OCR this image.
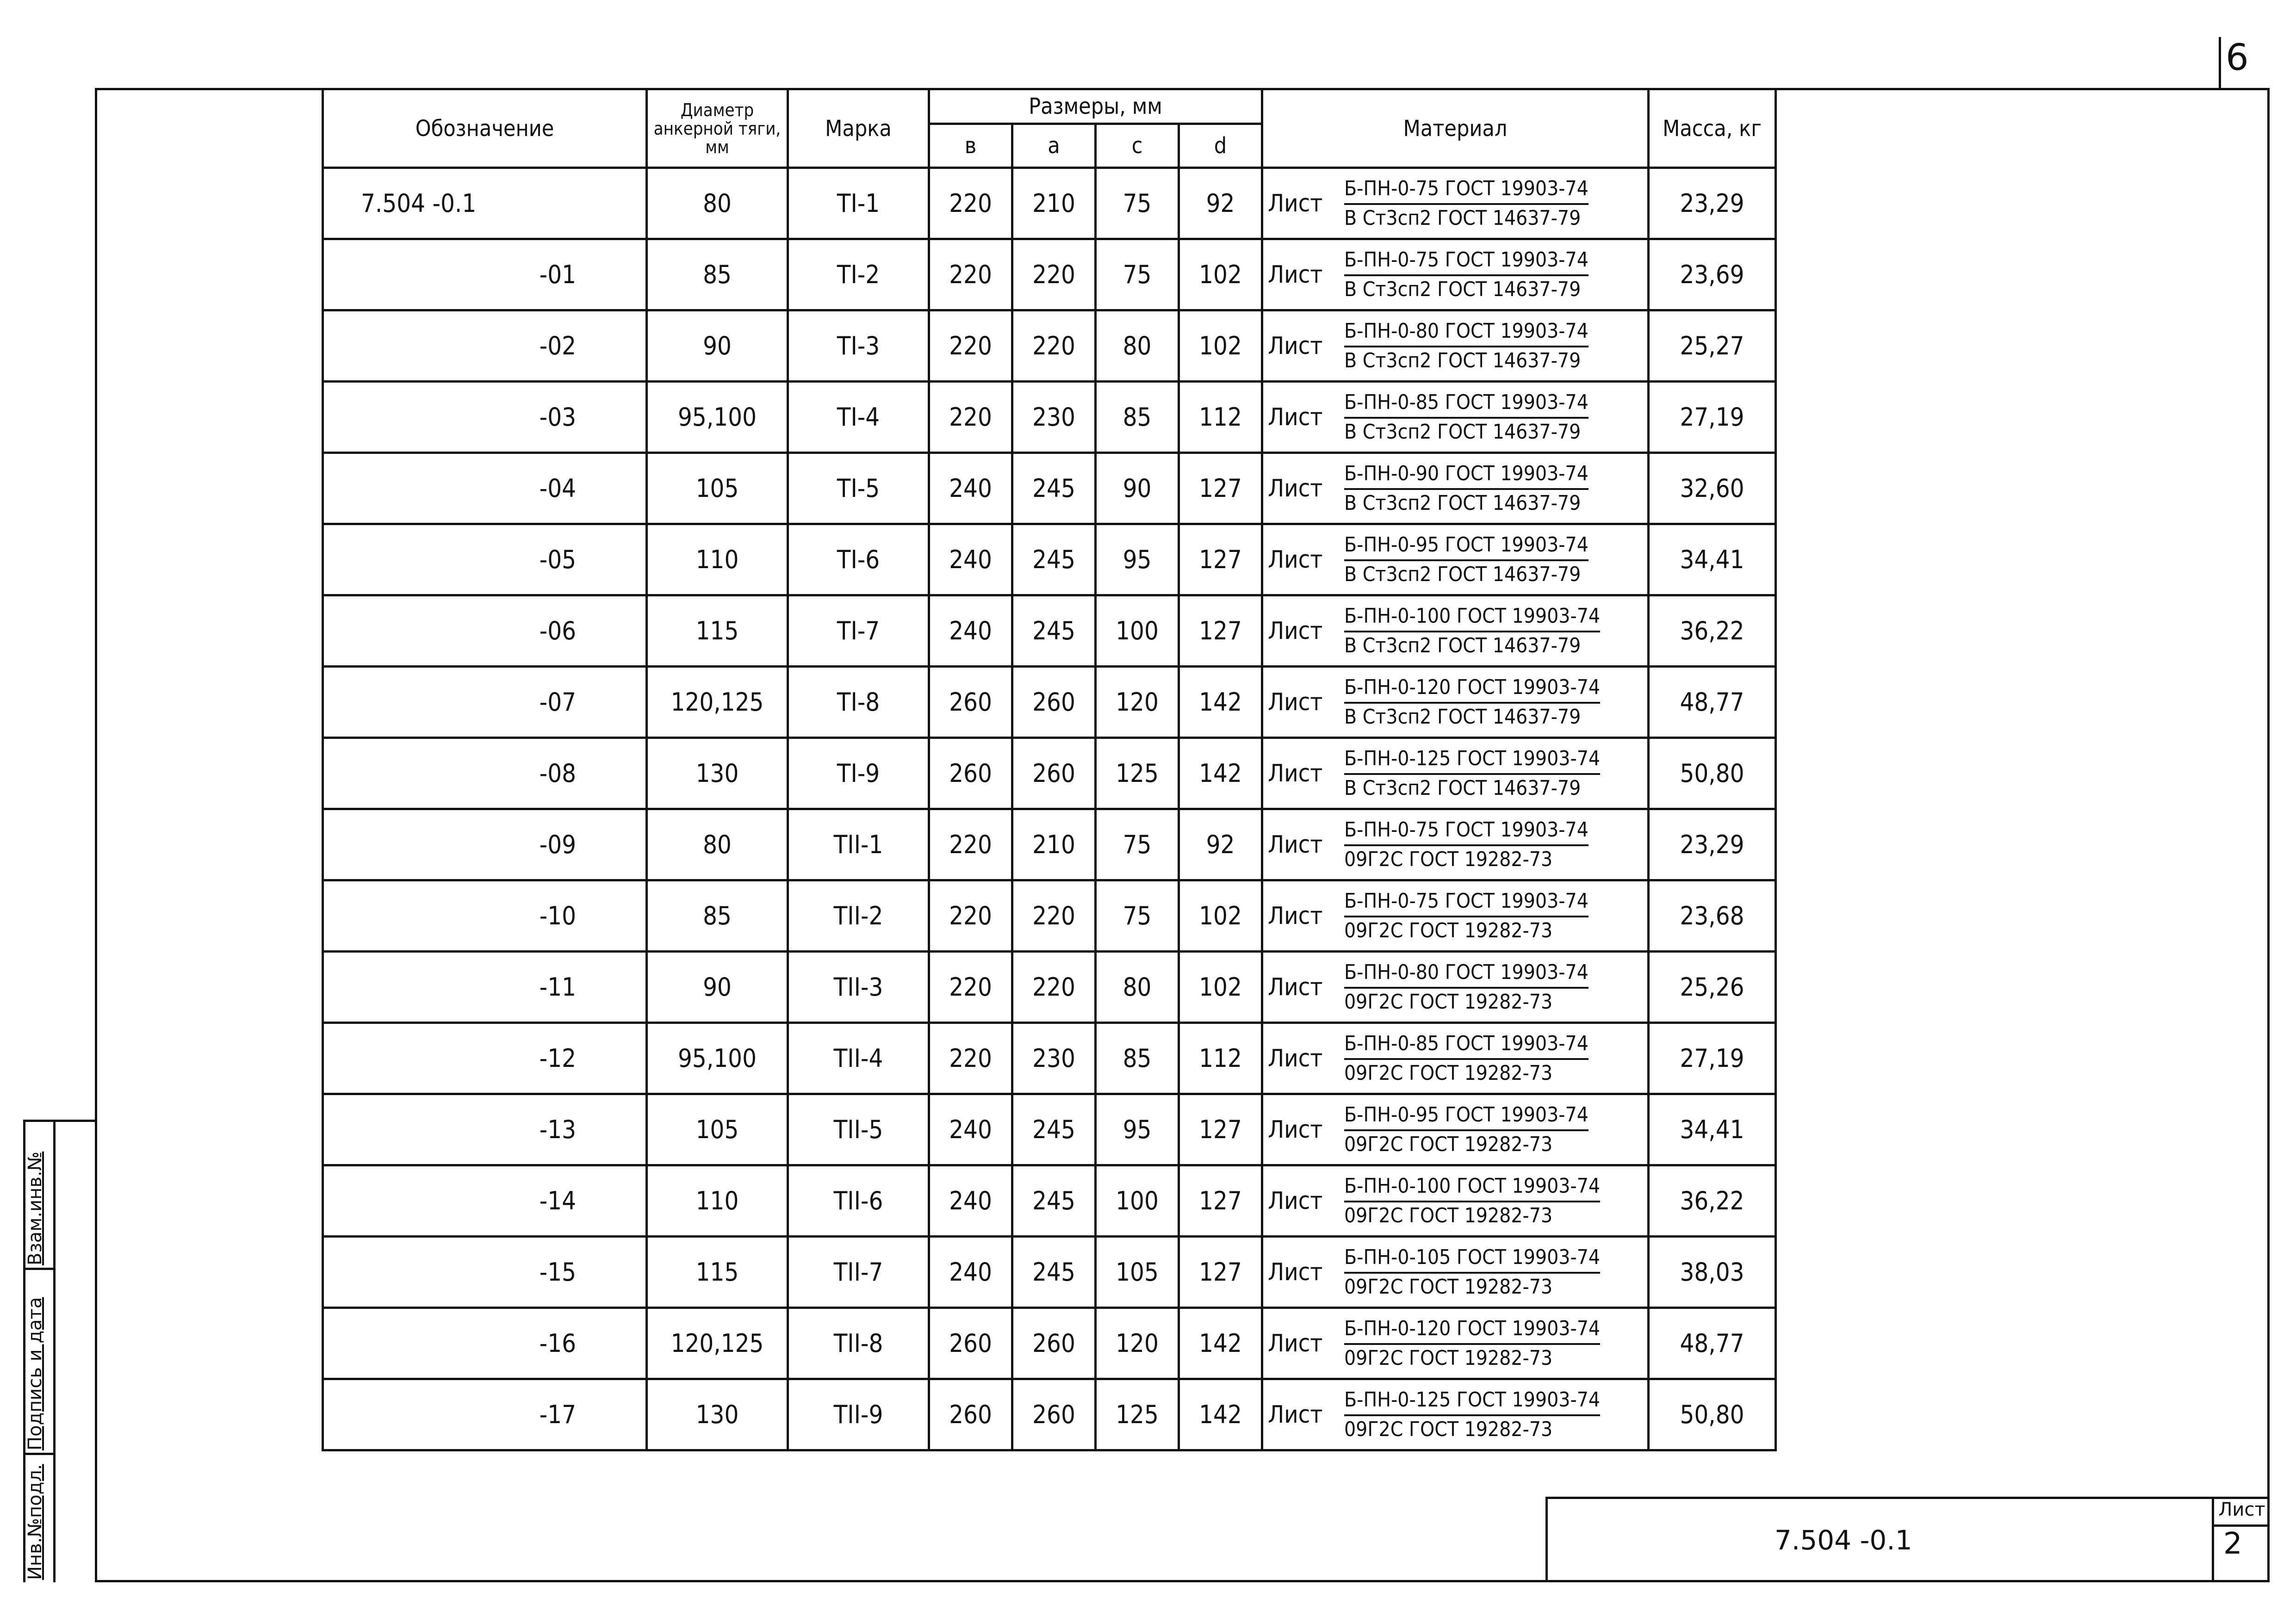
6
Взам.инв.№
Подпись и дата
Инв.№подл.
Обозначение	Диаметр анкерной тяги, мм	Марка	Размеры, мм				Материал	Масса, кг
			в	a	c	d		
7.504 -0.1	80	ТI-1	220	210	75	92	Лист $\frac{\text{Б-ПН-0-75 ГОСТ 19903-74}}{\text{В Ст3сп2 ГОСТ 14637-79}}$	23,29
-01	85	ТI-2	220	220	75	102	Лист $\frac{\text{Б-ПН-0-75 ГОСТ 19903-74}}{\text{В Ст3сп2 ГОСТ 14637-79}}$	23,69
-02	90	ТI-3	220	220	80	102	Лист $\frac{\text{Б-ПН-0-80 ГОСТ 19903-74}}{\text{В Ст3сп2 ГОСТ 14637-79}}$	25,27
-03	95,100	ТI-4	220	230	85	112	Лист $\frac{\text{Б-ПН-0-85 ГОСТ 19903-74}}{\text{В Ст3сп2 ГОСТ 14637-79}}$	27,19
-04	105	ТI-5	240	245	90	127	Лист $\frac{\text{Б-ПН-0-90 ГОСТ 19903-74}}{\text{В Ст3сп2 ГОСТ 14637-79}}$	32,60
-05	110	ТI-6	240	245	95	127	Лист $\frac{\text{Б-ПН-0-95 ГОСТ 19903-74}}{\text{В Ст3сп2 ГОСТ 14637-79}}$	34,41
-06	115	ТI-7	240	245	100	127	Лист $\frac{\text{Б-ПН-0-100 ГОСТ 19903-74}}{\text{В Ст3сп2 ГОСТ 14637-79}}$	36,22
-07	120,125	ТI-8	260	260	120	142	Лист $\frac{\text{Б-ПН-0-120 ГОСТ 19903-74}}{\text{В Ст3сп2 ГОСТ 14637-79}}$	48,77
-08	130	ТI-9	260	260	125	142	Лист $\frac{\text{Б-ПН-0-125 ГОСТ 19903-74}}{\text{В Ст3сп2 ГОСТ 14637-79}}$	50,80
-09	80	ТII-1	220	210	75	92	Лист $\frac{\text{Б-ПН-0-75 ГОСТ 19903-74}}{\text{09Г2С ГОСТ 19282-73}}$	23,29
-10	85	ТII-2	220	220	75	102	Лист $\frac{\text{Б-ПН-0-75 ГОСТ 19903-74}}{\text{09Г2С ГОСТ 19282-73}}$	23,68
-11	90	ТII-3	220	220	80	102	Лист $\frac{\text{Б-ПН-0-80 ГОСТ 19903-74}}{\text{09Г2С ГОСТ 19282-73}}$	25,26
-12	95,100	ТII-4	220	230	85	112	Лист $\frac{\text{Б-ПН-0-85 ГОСТ 19903-74}}{\text{09Г2С ГОСТ 19282-73}}$	27,19
-13	105	ТII-5	240	245	95	127	Лист $\frac{\text{Б-ПН-0-95 ГОСТ 19903-74}}{\text{09Г2С ГОСТ 19282-73}}$	34,41
-14	110	ТII-6	240	245	100	127	Лист $\frac{\text{Б-ПН-0-100 ГОСТ 19903-74}}{\text{09Г2С ГОСТ 19282-73}}$	36,22
-15	115	ТII-7	240	245	105	127	Лист $\frac{\text{Б-ПН-0-105 ГОСТ 19903-74}}{\text{09Г2С ГОСТ 19282-73}}$	38,03
-16	120,125	ТII-8	260	260	120	142	Лист $\frac{\text{Б-ПН-0-120 ГОСТ 19903-74}}{\text{09Г2С ГОСТ 19282-73}}$	48,77
-17	130	ТII-9	260	260	125	142	Лист $\frac{\text{Б-ПН-0-125 ГОСТ 19903-74}}{\text{09Г2С ГОСТ 19282-73}}$	50,80
7.504 -0.1
Лист
2
